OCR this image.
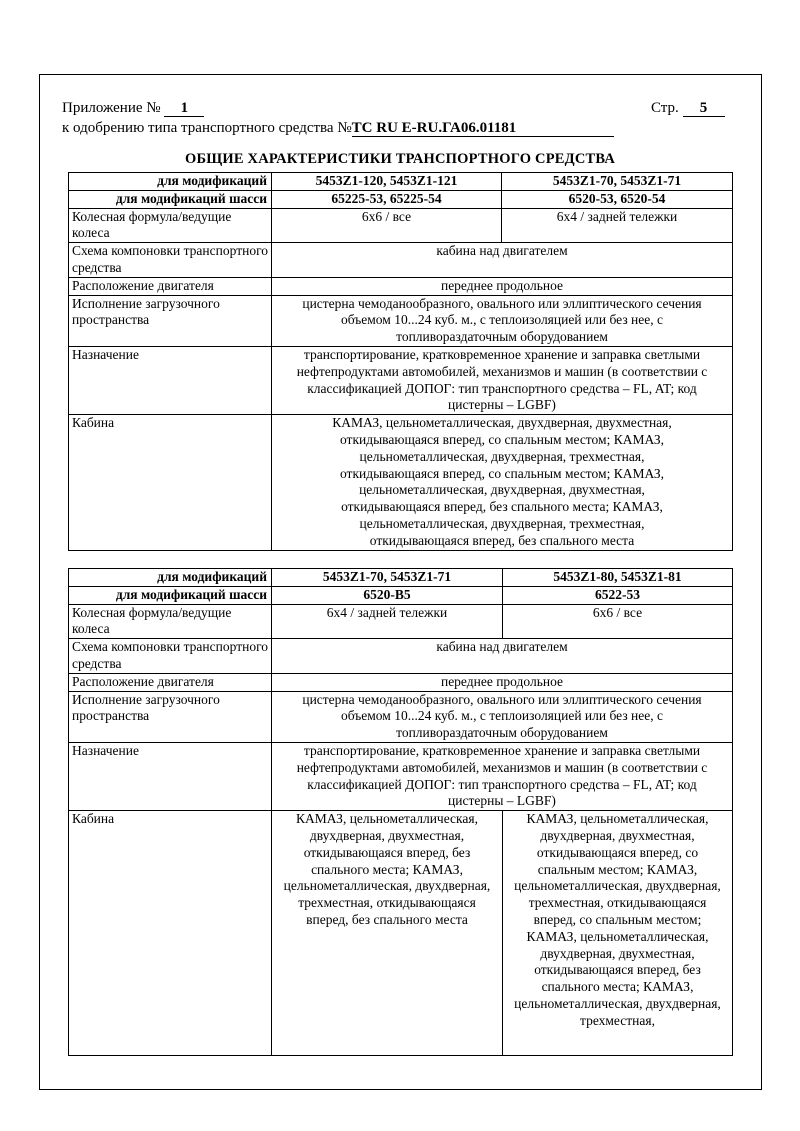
Приложение № 1	Стр. 5
к одобрению типа транспортного средства №ТС RU E-RU.ГА06.01181
ОБЩИЕ ХАРАКТЕРИСТИКИ ТРАНСПОРТНОГО СРЕДСТВА
для модификаций	5453Z1-120, 5453Z1-121	5453Z1-70, 5453Z1-71
для модификаций шасси	65225-53, 65225-54	6520-53, 6520-54
Колесная формула/ведущие колеса	6x6 / все	6x4 / задней тележки
Схема компоновки транспортного средства	кабина над двигателем	
Расположение двигателя	переднее продольное	
Исполнение загрузочного пространства	цистерна чемоданообразного, овального или эллиптического сечения объемом 10...24 куб. м., с теплоизоляцией или без нее, с топливораздаточным оборудованием	
Назначение	транспортирование, кратковременное хранение и заправка светлыми нефтепродуктами автомобилей, механизмов и машин (в соответствии с классификацией ДОПОГ: тип транспортного средства – FL, AT; код цистерны – LGBF)	
Кабина	КАМАЗ, цельнометаллическая, двухдверная, двухместная, откидывающаяся вперед, со спальным местом; КАМАЗ, цельнометаллическая, двухдверная, трехместная, откидывающаяся вперед, со спальным местом; КАМАЗ, цельнометаллическая, двухдверная, двухместная, откидывающаяся вперед, без спального места; КАМАЗ, цельнометаллическая, двухдверная, трехместная, откидывающаяся вперед, без спального места	
для модификаций	5453Z1-70, 5453Z1-71	5453Z1-80, 5453Z1-81
для модификаций шасси	6520-В5	6522-53
Колесная формула/ведущие колеса	6x4 / задней тележки	6x6 / все
Схема компоновки транспортного средства	кабина над двигателем	
Расположение двигателя	переднее продольное	
Исполнение загрузочного пространства	цистерна чемоданообразного, овального или эллиптического сечения объемом 10...24 куб. м., с теплоизоляцией или без нее, с топливораздаточным оборудованием	
Назначение	транспортирование, кратковременное хранение и заправка светлыми нефтепродуктами автомобилей, механизмов и машин (в соответствии с классификацией ДОПОГ: тип транспортного средства – FL, AT; код цистерны – LGBF)	
Кабина	КАМАЗ, цельнометаллическая, двухдверная, двухместная, откидывающаяся вперед, без спального места; КАМАЗ, цельнометаллическая, двухдверная, трехместная, откидывающаяся вперед, без спального места	КАМАЗ, цельнометаллическая, двухдверная, двухместная, откидывающаяся вперед, со спальным местом; КАМАЗ, цельнометаллическая, двухдверная, трехместная, откидывающаяся вперед, со спальным местом; КАМАЗ, цельнометаллическая, двухдверная, двухместная, откидывающаяся вперед, без спального места; КАМАЗ, цельнометаллическая, двухдверная, трехместная,
